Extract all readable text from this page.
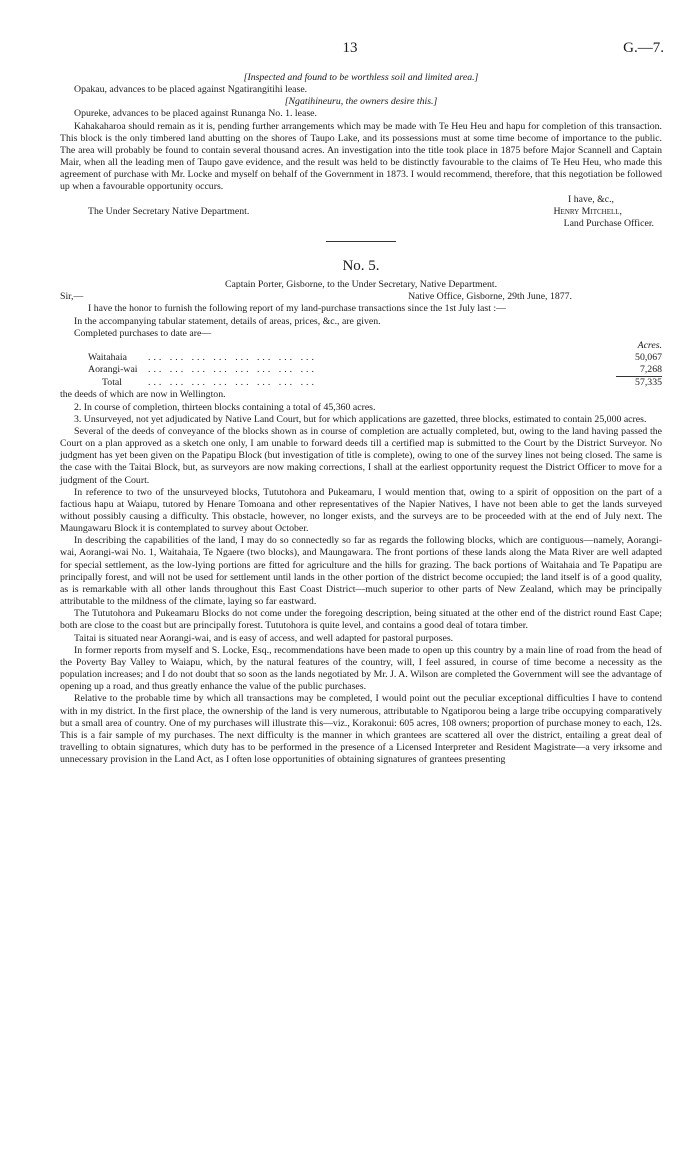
13	G.—7.

[Inspected and found to be worthless soil and limited area.]

Opakau, advances to be placed against Ngatirangitihi lease.

[Ngatihineuru, the owners desire this.]

Opureke, advances to be placed against Runanga No. 1. lease.

Kahakaharoa should remain as it is, pending further arrangements which may be made with Te Heu Heu and hapu for completion of this transaction. This block is the only timbered land abutting on the shores of Taupo Lake, and its possessions must at some time become of importance to the public. The area will probably be found to contain several thousand acres. An investigation into the title took place in 1875 before Major Scannell and Captain Mair, when all the leading men of Taupo gave evidence, and the result was held to be distinctly favourable to the claims of Te Heu Heu, who made this agreement of purchase with Mr. Locke and myself on behalf of the Government in 1873. I would recommend, therefore, that this negotiation be followed up when a favourable opportunity occurs.

I have, &c.,

The Under Secretary Native Department.	Henry Mitchell,

Land Purchase Officer.

No. 5.

Captain Porter, Gisborne, to the Under Secretary, Native Department.

Sir,—	Native Office, Gisborne, 29th June, 1877.

I have the honor to furnish the following report of my land-purchase transactions since the 1st July last :—

In the accompanying tabular statement, details of areas, prices, &c., are given.

Completed purchases to date are—

Acres.
Waitahaia	... ... ... ... ... ... ... ...	50,067
Aorangi-wai	... ... ... ... ... ... ... ...	7,268
Total	... ... ... ... ... ... ... ...	57,335

the deeds of which are now in Wellington.

2. In course of completion, thirteen blocks containing a total of 45,360 acres.

3. Unsurveyed, not yet adjudicated by Native Land Court, but for which applications are gazetted, three blocks, estimated to contain 25,000 acres.

Several of the deeds of conveyance of the blocks shown as in course of completion are actually completed, but, owing to the land having passed the Court on a plan approved as a sketch one only, I am unable to forward deeds till a certified map is submitted to the Court by the District Surveyor. No judgment has yet been given on the Papatipu Block (but investigation of title is complete), owing to one of the survey lines not being closed. The same is the case with the Taitai Block, but, as surveyors are now making corrections, I shall at the earliest opportunity request the District Officer to move for a judgment of the Court.

In reference to two of the unsurveyed blocks, Tututohora and Pukeamaru, I would mention that, owing to a spirit of opposition on the part of a factious hapu at Waiapu, tutored by Henare Tomoana and other representatives of the Napier Natives, I have not been able to get the lands surveyed without possibly causing a difficulty. This obstacle, however, no longer exists, and the surveys are to be proceeded with at the end of July next. The Maungawaru Block it is contemplated to survey about October.

In describing the capabilities of the land, I may do so connectedly so far as regards the following blocks, which are contiguous—namely, Aorangi-wai, Aorangi-wai No. 1, Waitahaia, Te Ngaere (two blocks), and Maungawara. The front portions of these lands along the Mata River are well adapted for special settlement, as the low-lying portions are fitted for agriculture and the hills for grazing. The back portions of Waitahaia and Te Papatipu are principally forest, and will not be used for settlement until lands in the other portion of the district become occupied; the land itself is of a good quality, as is remarkable with all other lands throughout this East Coast District—much superior to other parts of New Zealand, which may be principally attributable to the mildness of the climate, laying so far eastward.

The Tututohora and Pukeamaru Blocks do not come under the foregoing description, being situated at the other end of the district round East Cape; both are close to the coast but are principally forest. Tututohora is quite level, and contains a good deal of totara timber.

Taitai is situated near Aorangi-wai, and is easy of access, and well adapted for pastoral purposes.

In former reports from myself and S. Locke, Esq., recommendations have been made to open up this country by a main line of road from the head of the Poverty Bay Valley to Waiapu, which, by the natural features of the country, will, I feel assured, in course of time become a necessity as the population increases; and I do not doubt that so soon as the lands negotiated by Mr. J. A. Wilson are completed the Government will see the advantage of opening up a road, and thus greatly enhance the value of the public purchases.

Relative to the probable time by which all transactions may be completed, I would point out the peculiar exceptional difficulties I have to contend with in my district. In the first place, the ownership of the land is very numerous, attributable to Ngatiporou being a large tribe occupying comparatively but a small area of country. One of my purchases will illustrate this—viz., Korakonui: 605 acres, 108 owners; proportion of purchase money to each, 12s. This is a fair sample of my purchases. The next difficulty is the manner in which grantees are scattered all over the district, entailing a great deal of travelling to obtain signatures, which duty has to be performed in the presence of a Licensed Interpreter and Resident Magistrate—a very irksome and unnecessary provision in the Land Act, as I often lose opportunities of obtaining signatures of grantees presenting
